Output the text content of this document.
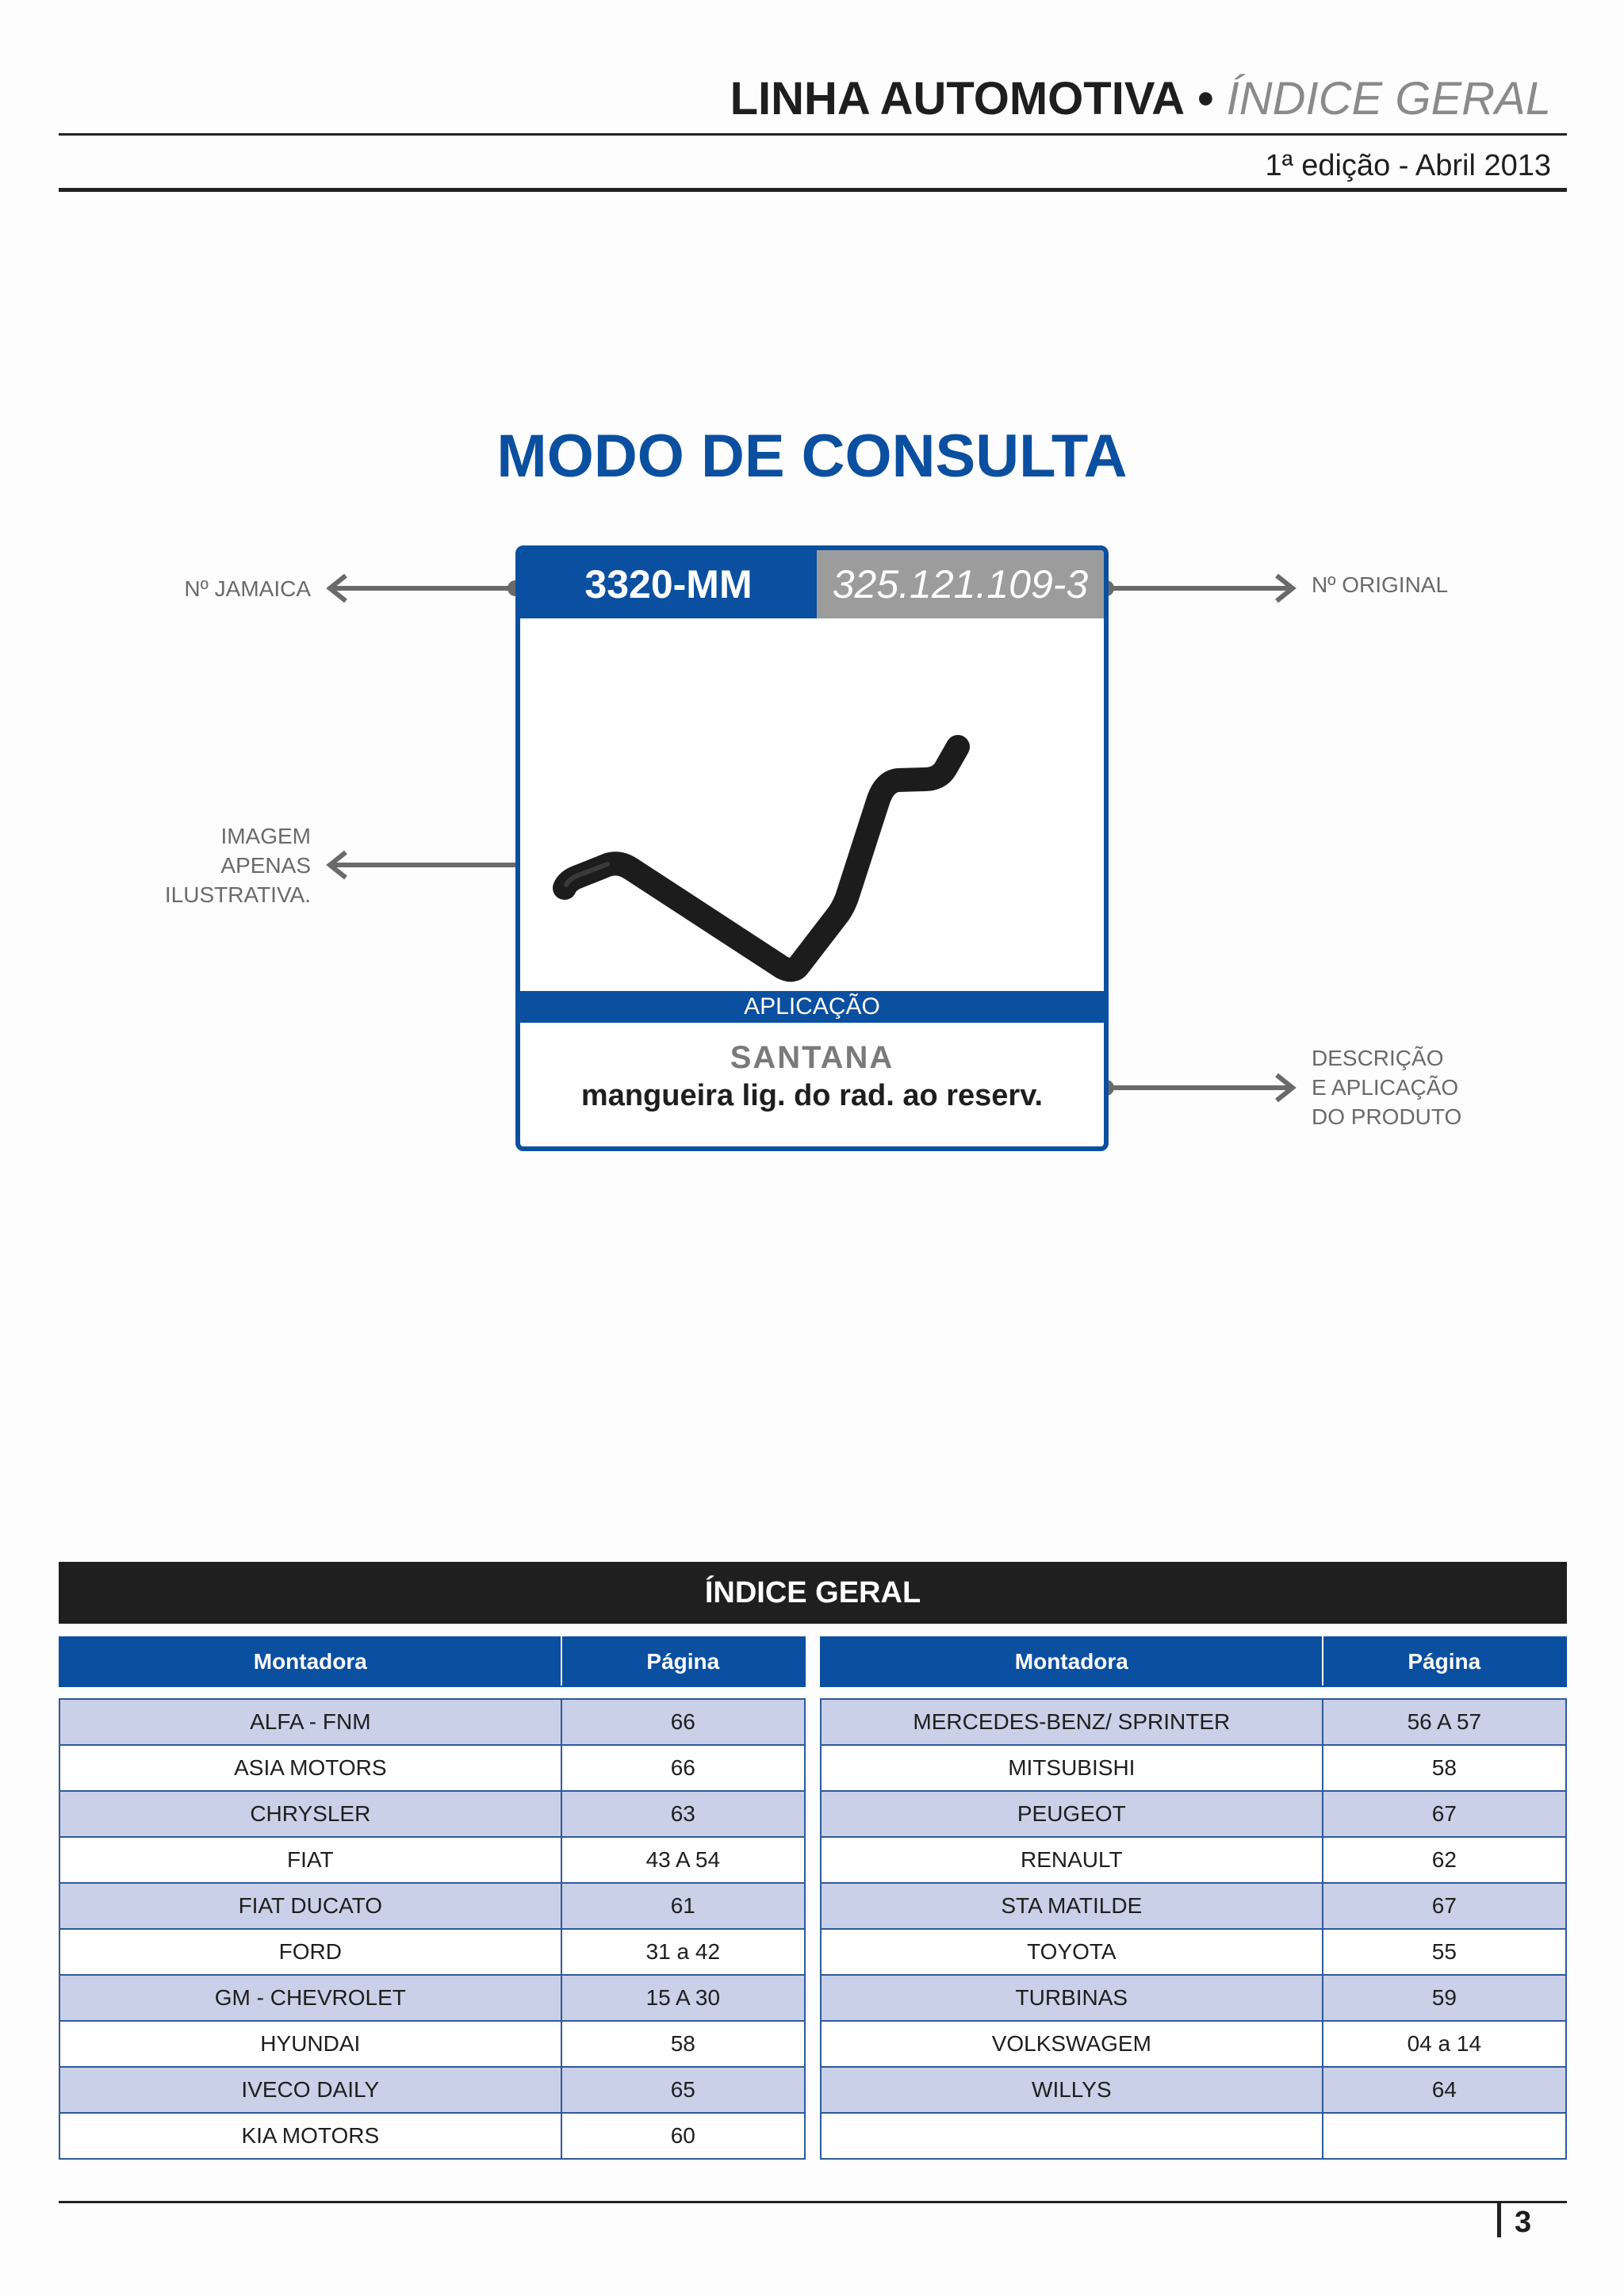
LINHA AUTOMOTIVA • ÍNDICE GERAL
1ª edição - Abril 2013
MODO DE CONSULTA
Nº JAMAICA
IMAGEM
APENAS
ILUSTRATIVA.
Nº ORIGINAL
DESCRIÇÃO
E APLICAÇÃO
DO PRODUTO
3320-MM	325.121.109-3
APLICAÇÃO
SANTANA
mangueira lig. do rad. ao reserv.
ÍNDICE GERAL
Montadora	Página

ALFA - FNM	66
ASIA MOTORS	66
CHRYSLER	63
FIAT	43 A 54
FIAT DUCATO	61
FORD	31 a 42
GM - CHEVROLET	15 A 30
HYUNDAI	58
IVECO DAILY	65
KIA MOTORS	60
Montadora	Página

MERCEDES-BENZ/ SPRINTER	56 A 57
MITSUBISHI	58
PEUGEOT	67
RENAULT	62
STA MATILDE	67
TOYOTA	55
TURBINAS	59
VOLKSWAGEM	04 a 14
WILLYS	64

3
